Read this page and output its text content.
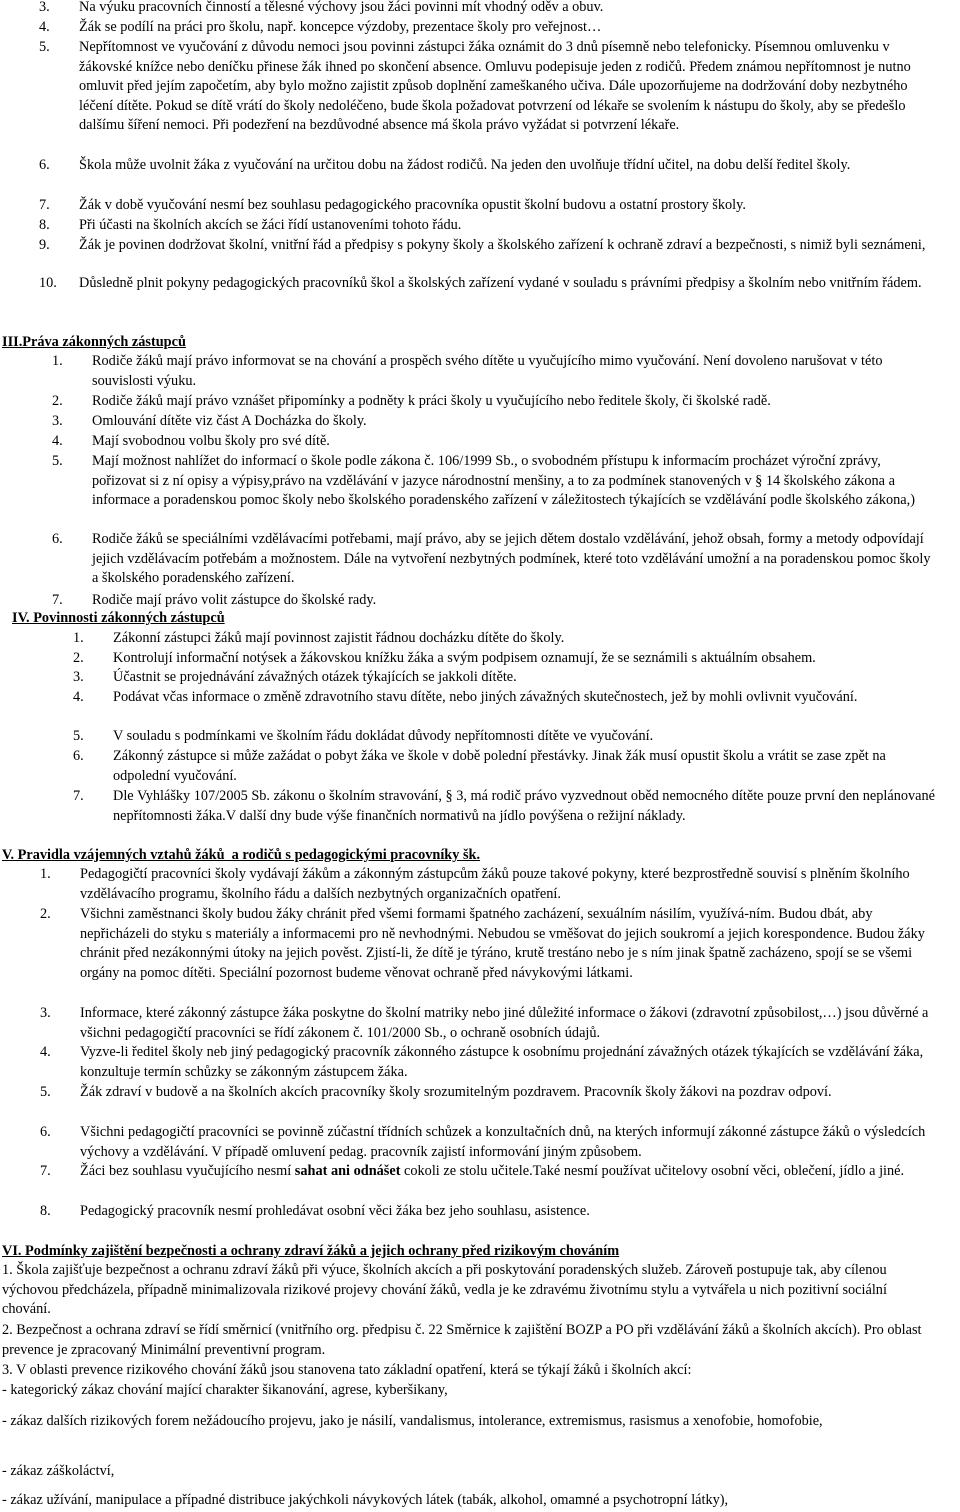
3.	Na výuku pracovních činností a tělesné výchovy jsou žáci povinni mít vhodný oděv a obuv.
4.	Žák se podílí na práci pro školu, např. koncepce výzdoby, prezentace školy pro veřejnost…
5.	Nepřítomnost ve vyučování z důvodu nemoci jsou povinni zástupci žáka oznámit do 3 dnů písemně nebo telefonicky. Písemnou omluvenku v žákovské knížce nebo deníčku přinese žák ihned po skončení absence. Omluvu podepisuje jeden z rodičů. Předem známou nepřítomnost je nutno omluvit před jejím započetím, aby bylo možno zajistit způsob doplnění zameškaného učiva. Dále upozorňujeme na dodržování doby nezbytného léčení dítěte. Pokud se dítě vrátí do školy nedoléčeno, bude škola požadovat potvrzení od lékaře se svolením k nástupu do školy, aby se předešlo dalšímu šíření nemoci. Při podezření na bezdůvodné absence má škola právo vyžádat si potvrzení lékaře.
6.	Škola může uvolnit žáka z vyučování na určitou dobu na žádost rodičů. Na jeden den uvolňuje třídní učitel, na dobu delší ředitel školy.
7.	Žák v době vyučování nesmí bez souhlasu pedagogického pracovníka opustit školní budovu a ostatní prostory školy.
8.	Při účasti na školních akcích se žáci řídí ustanoveními tohoto řádu.
9.	Žák je povinen dodržovat školní, vnitřní řád a předpisy s pokyny školy a školského zařízení k ochraně zdraví a bezpečnosti, s nimiž byli seznámeni,
10.	Důsledně plnit pokyny pedagogických pracovníků škol a školských zařízení vydané v souladu s právními předpisy a školním nebo vnitřním řádem.
III.Práva zákonných zástupců
1.	Rodiče žáků mají právo informovat se na chování a prospěch svého dítěte u vyučujícího mimo vyučování. Není dovoleno narušovat v této souvislosti výuku.
2.	Rodiče žáků mají právo vznášet připomínky a podněty k práci školy u vyučujícího nebo ředitele školy, či školské radě.
3.	Omlouvání dítěte viz část A Docházka do školy.
4.	Mají svobodnou volbu školy pro své dítě.
5.	Mají možnost nahlížet do informací o škole podle zákona č. 106/1999 Sb., o svobodném přístupu k informacím procházet výroční zprávy, pořizovat si z ní opisy a výpisy,právo na vzdělávání v jazyce národnostní menšiny, a to za podmínek stanovených v § 14 školského zákona a informace a poradenskou pomoc školy nebo školského poradenského zařízení v záležitostech týkajících se vzdělávání podle školského zákona,)
6.	Rodiče žáků se speciálními vzdělávacími potřebami, mají právo, aby se jejich dětem dostalo vzdělávání, jehož obsah, formy a metody odpovídají jejich vzdělávacím potřebám a možnostem. Dále na vytvoření nezbytných podmínek, které toto vzdělávání umožní a na poradenskou pomoc školy a školského poradenského zařízení.
7.	Rodiče mají právo volit zástupce do školské rady.
IV. Povinnosti zákonných zástupců
1.	Zákonní zástupci žáků mají povinnost zajistit řádnou docházku dítěte do školy.
2.	Kontrolují informační notýsek a žákovskou knížku žáka a svým podpisem oznamují, že se seznámili s aktuálním obsahem.
3.	Účastnit se projednávání závažných otázek týkajících se jakkoli dítěte.
4.	Podávat včas informace o změně zdravotního stavu dítěte, nebo jiných závažných skutečnostech, jež by mohli ovlivnit vyučování.
5.	V souladu s podmínkami ve školním řádu dokládat důvody nepřítomnosti dítěte ve vyučování.
6.	Zákonný zástupce si může zažádat o pobyt žáka ve škole v době polední přestávky. Jinak žák musí opustit školu a vrátit se zase zpět na odpolední vyučování.
7.	Dle Vyhlášky 107/2005 Sb. zákonu o školním stravování, § 3, má rodič právo vyzvednout oběd nemocného dítěte pouze první den neplánované nepřítomnosti žáka.V další dny bude výše finančních normativů na jídlo povýšena o režijní náklady.
V. Pravidla vzájemných vztahů žáků  a rodičů s pedagogickými pracovníky šk.
1.	Pedagogičtí pracovníci školy vydávají žákům a zákonným zástupcům žáků pouze takové pokyny, které bezprostředně souvisí s plněním školního vzdělávacího programu, školního řádu a dalších nezbytných organizačních opatření.
2.	Všichni zaměstnanci školy budou žáky chránit před všemi formami špatného zacházení, sexuálním násilím, využívá-ním. Budou dbát, aby nepřicházeli do styku s materiály a informacemi pro ně nevhodnými. Nebudou se vměšovat do jejich soukromí a jejich korespondence. Budou žáky chránit před nezákonnými útoky na jejich pověst. Zjistí-li, že dítě je týráno, krutě trestáno nebo je s ním jinak špatně zacházeno, spojí se se všemi orgány na pomoc dítěti. Speciální pozornost budeme věnovat ochraně před návykovými látkami.
3.	Informace, které zákonný zástupce žáka poskytne do školní matriky nebo jiné důležité informace o žákovi (zdravotní způsobilost,…) jsou důvěrné a všichni pedagogičtí pracovníci se řídí zákonem č. 101/2000 Sb., o ochraně osobních údajů.
4.	Vyzve-li ředitel školy neb jiný pedagogický pracovník zákonného zástupce k osobnímu projednání závažných otázek týkajících se vzdělávání žáka, konzultuje termín schůzky se zákonným zástupcem žáka.
5.	Žák zdraví v budově a na školních akcích pracovníky školy srozumitelným pozdravem. Pracovník školy žákovi na pozdrav odpoví.
6.	Všichni pedagogičtí pracovníci se povinně zúčastní třídních schůzek a konzultačních dnů, na kterých informují zákonné zástupce žáků o výsledcích výchovy a vzdělávání. V případě omluvení pedag. pracovník zajistí informování jiným způsobem.
7.	Žáci bez souhlasu vyučujícího nesmí sahat ani odnášet cokoli ze stolu učitele.Také nesmí používat učitelovy osobní věci, oblečení, jídlo a jiné.
8.	Pedagogický pracovník nesmí prohledávat osobní věci žáka bez jeho souhlasu, asistence.
VI. Podmínky zajištění bezpečnosti a ochrany zdraví žáků a jejich ochrany před rizikovým chováním
1. Škola zajišťuje bezpečnost a ochranu zdraví žáků při výuce, školních akcích a při poskytování poradenských služeb. Zároveň postupuje tak, aby cílenou výchovou předcházela, případně minimalizovala rizikové projevy chování žáků, vedla je ke zdravému životnímu stylu a vytvářela u nich pozitivní sociální chování.
2. Bezpečnost a ochrana zdraví se řídí směrnicí (vnitřního org. předpisu č. 22 Směrnice k zajištění BOZP a PO při vzdělávání žáků a školních akcích). Pro oblast prevence je zpracovaný Minimální preventivní program.
3. V oblasti prevence rizikového chování žáků jsou stanovena tato základní opatření, která se týkají žáků i školních akcí:
- kategorický zákaz chování mající charakter šikanování, agrese, kyberšikany,
- zákaz dalších rizikových forem nežádoucího projevu, jako je násilí, vandalismus, intolerance, extremismus, rasismus a xenofobie, homofobie,
- zákaz záškoláctví,
- zákaz užívání, manipulace a případné distribuce jakýchkoli návykových látek (tabák, alkohol, omamné a psychotropní látky),
